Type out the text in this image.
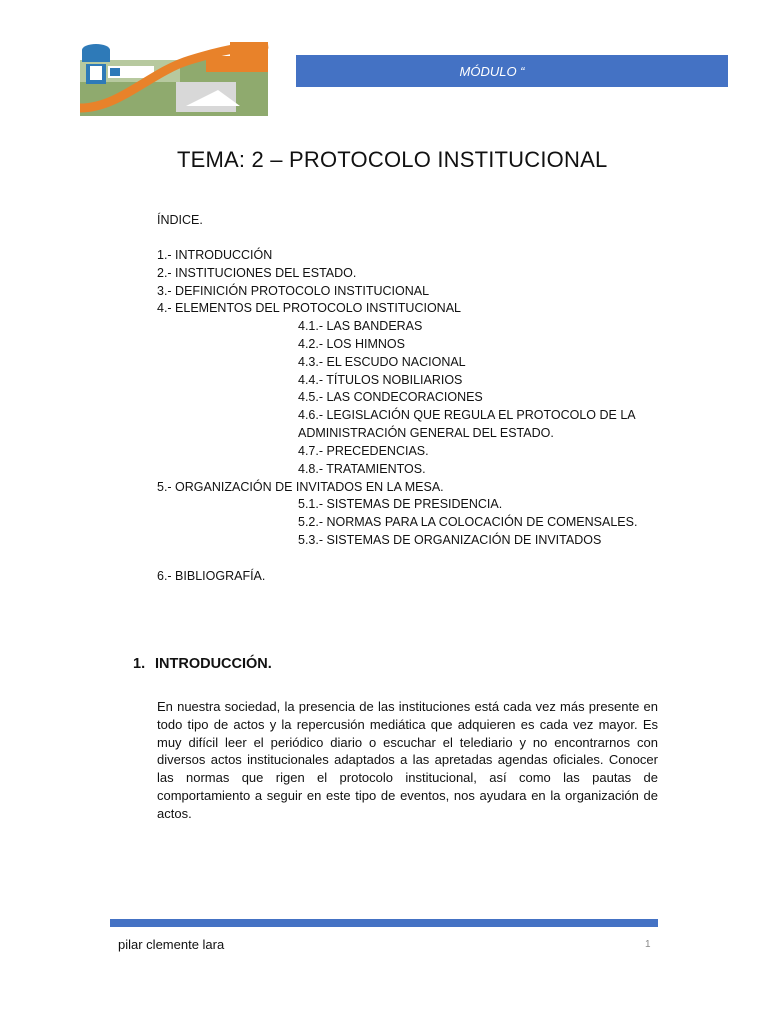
MÓDULO “
TEMA: 2 – PROTOCOLO INSTITUCIONAL
ÍNDICE.
1.- INTRODUCCIÓN
2.- INSTITUCIONES DEL ESTADO.
3.- DEFINICIÓN PROTOCOLO INSTITUCIONAL
4.- ELEMENTOS DEL PROTOCOLO INSTITUCIONAL
4.1.- LAS BANDERAS
4.2.- LOS HIMNOS
4.3.- EL ESCUDO NACIONAL
4.4.- TÍTULOS NOBILIARIOS
4.5.- LAS CONDECORACIONES
4.6.- LEGISLACIÓN QUE REGULA EL PROTOCOLO DE LA
ADMINISTRACIÓN GENERAL DEL ESTADO.
4.7.- PRECEDENCIAS.
4.8.- TRATAMIENTOS.
5.- ORGANIZACIÓN DE INVITADOS EN LA MESA.
5.1.- SISTEMAS DE PRESIDENCIA.
5.2.- NORMAS PARA LA COLOCACIÓN DE COMENSALES.
5.3.- SISTEMAS DE ORGANIZACIÓN DE INVITADOS
6.- BIBLIOGRAFÍA.
1. INTRODUCCIÓN.

En nuestra sociedad, la presencia de las instituciones está cada vez más presente en todo tipo de actos y la repercusión mediática que adquieren es cada vez mayor. Es muy difícil leer el periódico diario o escuchar el telediario y no encontrarnos con diversos actos institucionales adaptados a las apretadas agendas oficiales. Conocer las normas que rigen el protocolo institucional, así como las pautas de comportamiento a seguir en este tipo de eventos, nos ayudara en la organización de actos.

pilar clemente lara	1
